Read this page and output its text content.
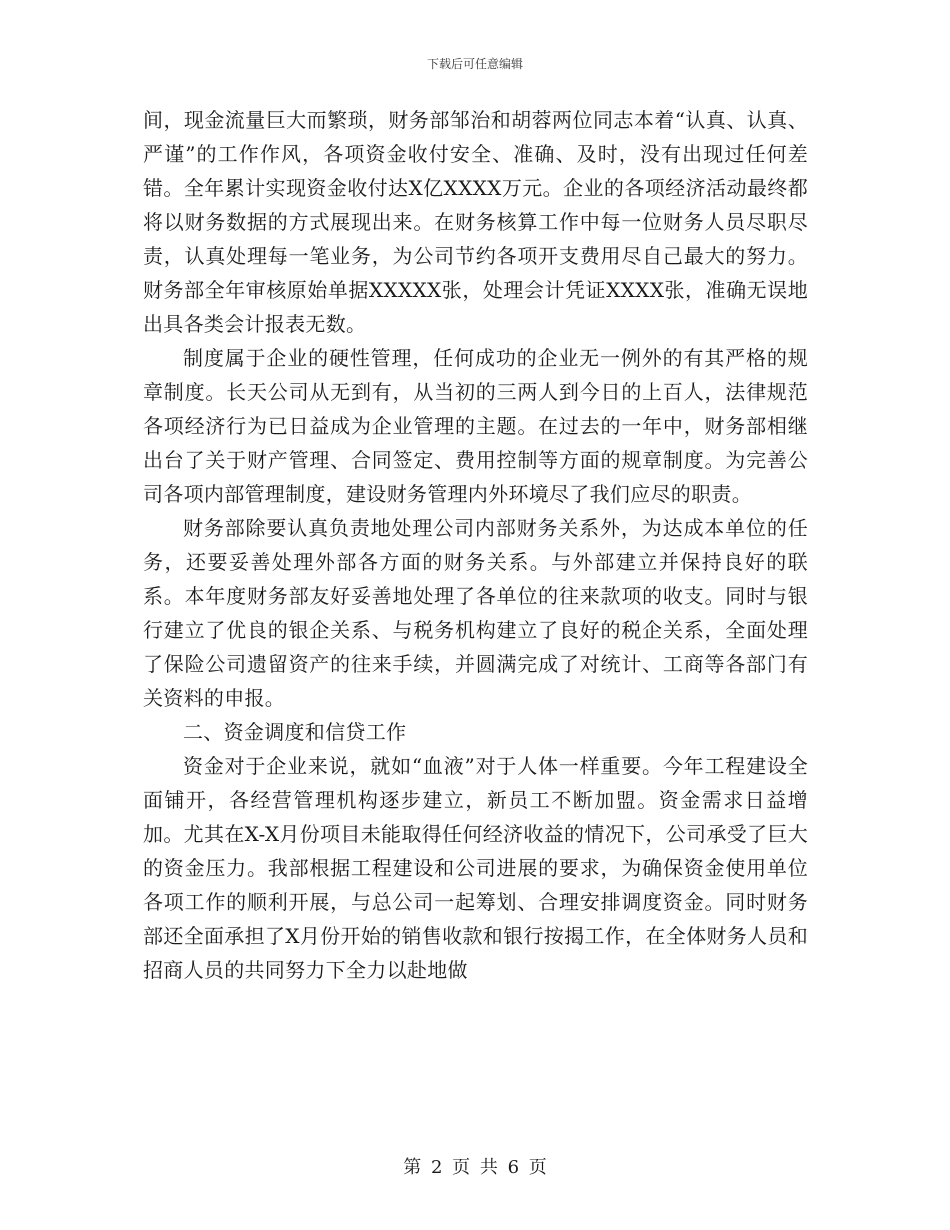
下载后可任意编辑

间，现金流量巨大而繁琐，财务部邹治和胡蓉两位同志本着“认真、认真、严谨”的工作作风，各项资金收付安全、准确、及时，没有出现过任何差错。全年累计实现资金收付达X亿XXXX万元。企业的各项经济活动最终都将以财务数据的方式展现出来。在财务核算工作中每一位财务人员尽职尽责，认真处理每一笔业务，为公司节约各项开支费用尽自己最大的努力。财务部全年审核原始单据XXXXX张，处理会计凭证XXXX张，准确无误地出具各类会计报表无数。

制度属于企业的硬性管理，任何成功的企业无一例外的有其严格的规章制度。长天公司从无到有，从当初的三两人到今日的上百人，法律规范各项经济行为已日益成为企业管理的主题。在过去的一年中，财务部相继出台了关于财产管理、合同签定、费用控制等方面的规章制度。为完善公司各项内部管理制度，建设财务管理内外环境尽了我们应尽的职责。

财务部除要认真负责地处理公司内部财务关系外，为达成本单位的任务，还要妥善处理外部各方面的财务关系。与外部建立并保持良好的联系。本年度财务部友好妥善地处理了各单位的往来款项的收支。同时与银行建立了优良的银企关系、与税务机构建立了良好的税企关系，全面处理了保险公司遗留资产的往来手续，并圆满完成了对统计、工商等各部门有关资料的申报。

二、资金调度和信贷工作

资金对于企业来说，就如“血液”对于人体一样重要。今年工程建设全面铺开，各经营管理机构逐步建立，新员工不断加盟。资金需求日益增加。尤其在X-X月份项目未能取得任何经济收益的情况下，公司承受了巨大的资金压力。我部根据工程建设和公司进展的要求，为确保资金使用单位各项工作的顺利开展，与总公司一起筹划、合理安排调度资金。同时财务部还全面承担了X月份开始的销售收款和银行按揭工作，在全体财务人员和招商人员的共同努力下全力以赴地做

第 2 页 共 6 页
